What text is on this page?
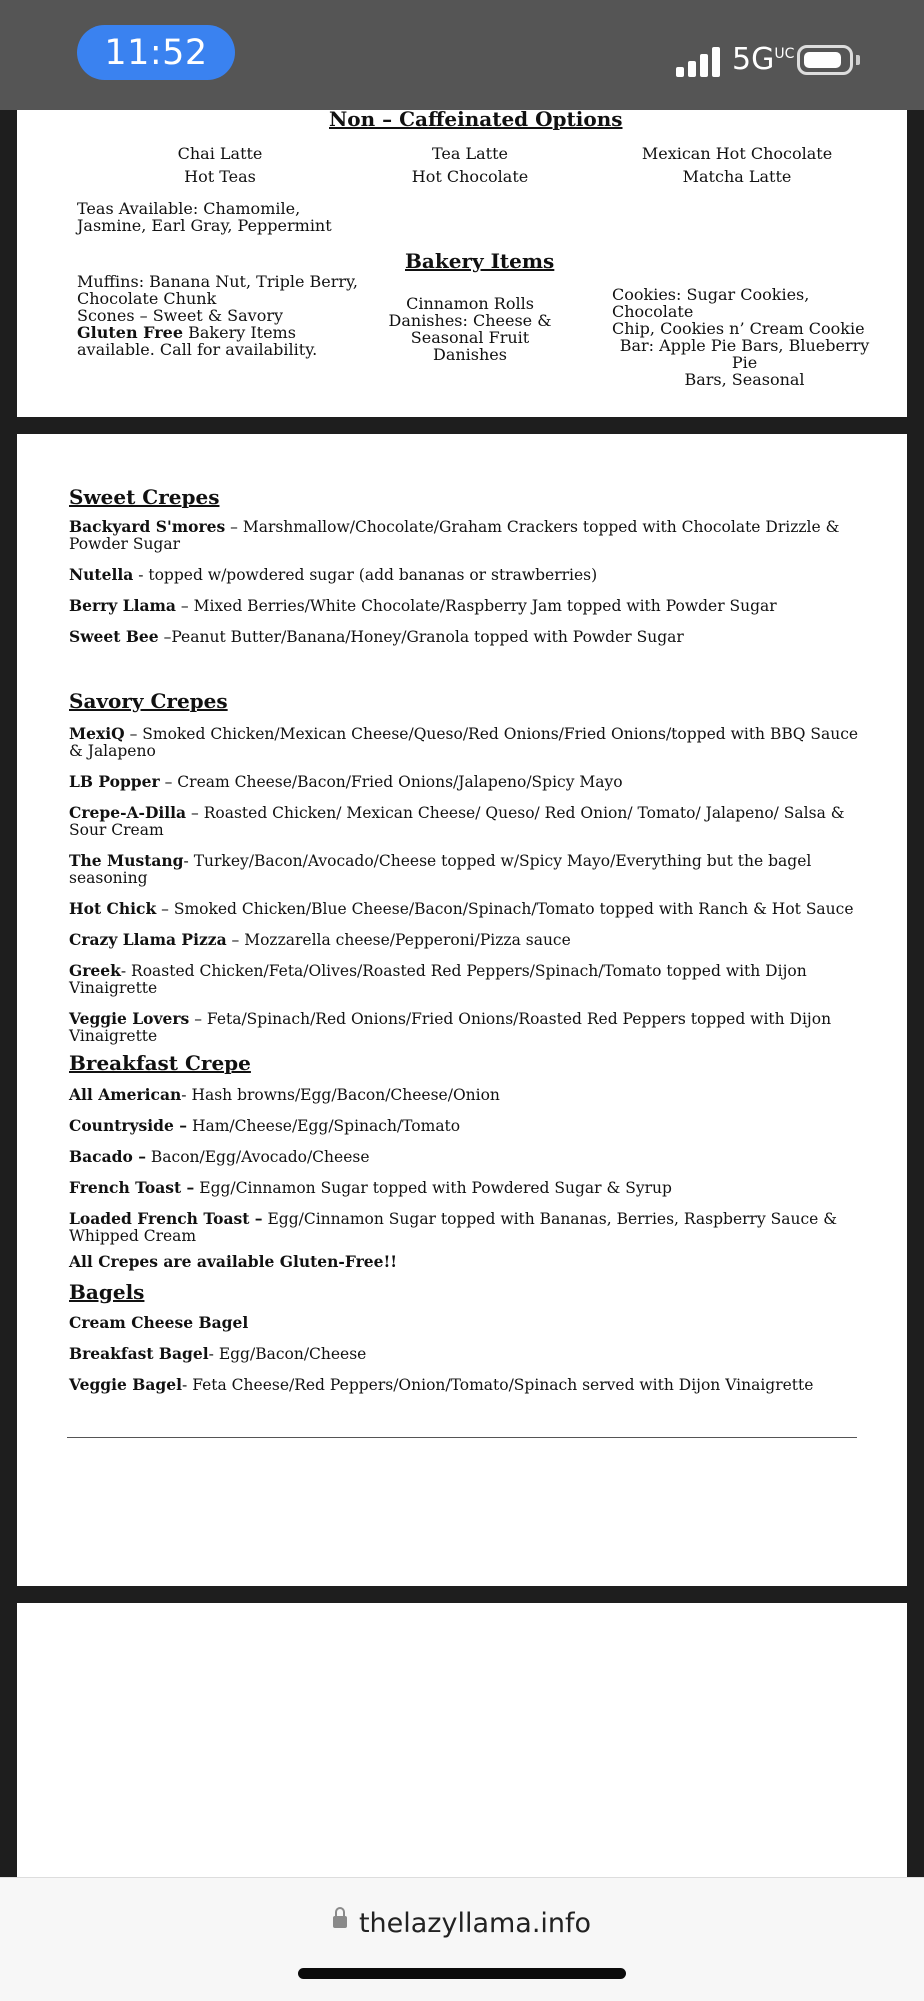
11:52	$5G^{UC}$
Non – Caffeinated Options
Chai Latte
Hot Teas
Tea Latte
Hot Chocolate
Mexican Hot Chocolate
Matcha Latte
Teas Available: Chamomile,
Jasmine, Earl Gray, Peppermint
Bakery Items
Muffins: Banana Nut, Triple Berry,
Chocolate Chunk
Scones – Sweet & Savory
Gluten Free Bakery Items
available. Call for availability.
Cinnamon Rolls
Danishes: Cheese & Seasonal Fruit
Danishes
Cookies: Sugar Cookies, Chocolate
Chip, Cookies n’ Cream Cookie
Bar: Apple Pie Bars, Blueberry Pie
Bars, Seasonal
Sweet Crepes
Backyard S'mores – Marshmallow/Chocolate/Graham Crackers topped with Chocolate Drizzle & Powder Sugar
Nutella - topped w/powdered sugar (add bananas or strawberries)
Berry Llama – Mixed Berries/White Chocolate/Raspberry Jam topped with Powder Sugar
Sweet Bee –Peanut Butter/Banana/Honey/Granola topped with Powder Sugar
Savory Crepes
MexiQ – Smoked Chicken/Mexican Cheese/Queso/Red Onions/Fried Onions/topped with BBQ Sauce & Jalapeno
LB Popper – Cream Cheese/Bacon/Fried Onions/Jalapeno/Spicy Mayo
Crepe-A-Dilla – Roasted Chicken/ Mexican Cheese/ Queso/ Red Onion/ Tomato/ Jalapeno/ Salsa & Sour Cream
The Mustang- Turkey/Bacon/Avocado/Cheese topped w/Spicy Mayo/Everything but the bagel seasoning
Hot Chick – Smoked Chicken/Blue Cheese/Bacon/Spinach/Tomato topped with Ranch & Hot Sauce
Crazy Llama Pizza – Mozzarella cheese/Pepperoni/Pizza sauce
Greek- Roasted Chicken/Feta/Olives/Roasted Red Peppers/Spinach/Tomato topped with Dijon Vinaigrette
Veggie Lovers – Feta/Spinach/Red Onions/Fried Onions/Roasted Red Peppers topped with Dijon Vinaigrette
Breakfast Crepe
All American- Hash browns/Egg/Bacon/Cheese/Onion
Countryside – Ham/Cheese/Egg/Spinach/Tomato
Bacado – Bacon/Egg/Avocado/Cheese
French Toast – Egg/Cinnamon Sugar topped with Powdered Sugar & Syrup
Loaded French Toast – Egg/Cinnamon Sugar topped with Bananas, Berries, Raspberry Sauce & Whipped Cream
All Crepes are available Gluten-Free!!
Bagels
Cream Cheese Bagel
Breakfast Bagel- Egg/Bacon/Cheese
Veggie Bagel- Feta Cheese/Red Peppers/Onion/Tomato/Spinach served with Dijon Vinaigrette
thelazyllama.info
